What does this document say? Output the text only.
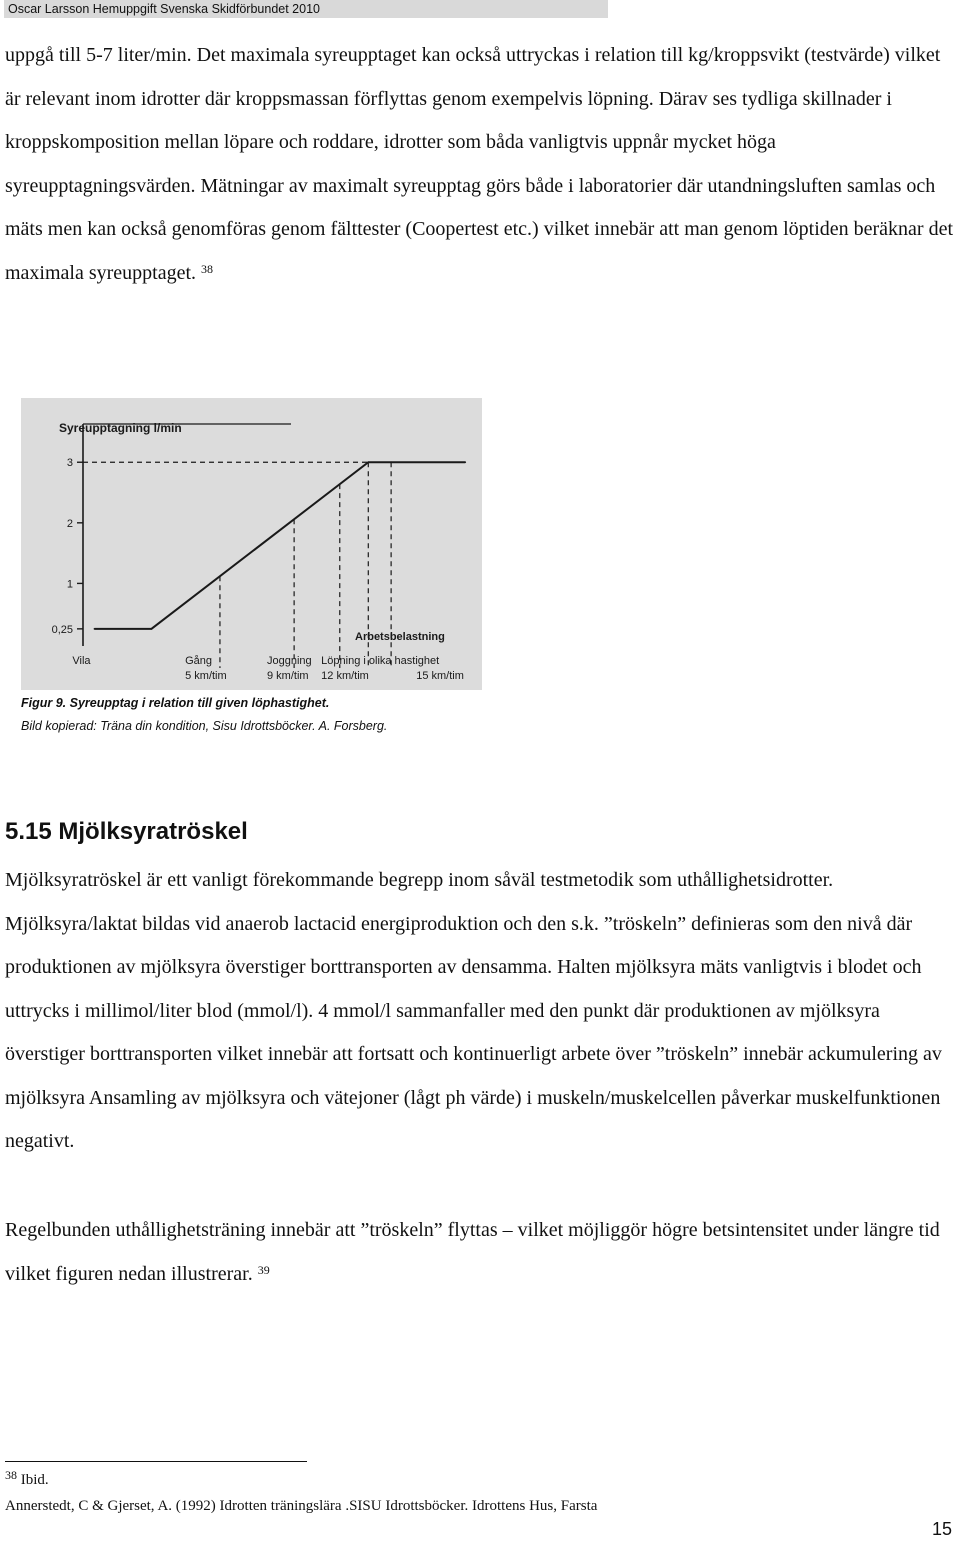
Oscar Larsson Hemuppgift Svenska Skidförbundet 2010

uppgå till 5-7 liter/min. Det maximala syreupptaget kan också uttryckas i relation till kg/kroppsvikt (testvärde) vilket är relevant inom idrotter där kroppsmassan förflyttas genom exempelvis löpning. Därav ses tydliga skillnader i kroppskomposition mellan löpare och roddare, idrotter som båda vanligtvis uppnår mycket höga syreupptagningsvärden. Mätningar av maximalt syreupptag görs både i laboratorier där utandningsluften samlas och mäts men kan också genomföras genom fälttester (Coopertest etc.) vilket innebär att man genom löptiden beräknar det maximala syreupptaget. $^{38}$

Syreupptagning l/min
3
2
1
0,25
Vila	Gång
5 km/tim
Joggning
9 km/tim
Löpning i olika hastighet
12 km/tim	15 km/tim
Arbetsbelastning
Figur 9. Syreupptag i relation till given löphastighet.
Bild kopierad: Träna din kondition, Sisu Idrottsböcker. A. Forsberg.
5.15 Mjölksyratröskel

Mjölksyratröskel är ett vanligt förekommande begrepp inom såväl testmetodik som uthållighetsidrotter. Mjölksyra/laktat bildas vid anaerob lactacid energiproduktion och den s.k. ”tröskeln” definieras som den nivå där produktionen av mjölksyra överstiger borttransporten av densamma. Halten mjölksyra mäts vanligtvis i blodet och uttrycks i millimol/liter blod (mmol/l). 4 mmol/l sammanfaller med den punkt där produktionen av mjölksyra överstiger borttransporten vilket innebär att fortsatt och kontinuerligt arbete över ”tröskeln” innebär ackumulering av mjölksyra Ansamling av mjölksyra och vätejoner (lågt ph värde) i muskeln/muskelcellen påverkar muskelfunktionen negativt.

Regelbunden uthållighetsträning innebär att ”tröskeln” flyttas – vilket möjliggör högre betsintensitet under längre tid vilket figuren nedan illustrerar. $^{39}$

$^{38}$ Ibid.
Annerstedt, C & Gjerset, A. (1992) Idrotten träningslära .SISU Idrottsböcker. Idrottens Hus, Farsta
15
